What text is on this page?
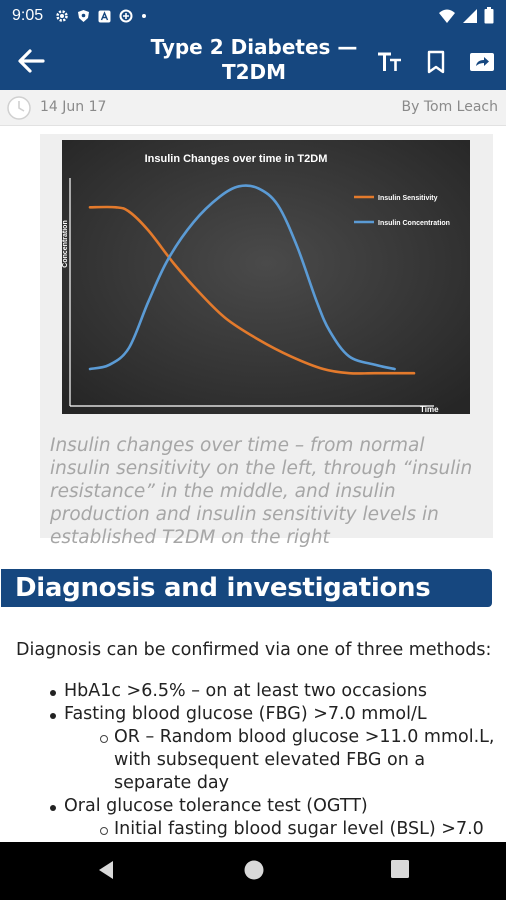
9:05
Type 2 Diabetes — T2DM
14 Jun 17	By Tom Leach
Insulin Changes over time in T2DM
Concentration
Time
Insulin Sensitivity
Insulin Concentration
Insulin changes over time – from normal insulin sensitivity on the left, through “insulin resistance” in the middle, and insulin production and insulin sensitivity levels in established T2DM on the right
Diagnosis and investigations
Diagnosis can be confirmed via one of three methods:
HbA1c >6.5% – on at least two occasions
Fasting blood glucose (FBG) >7.0 mmol/L
OR – Random blood glucose >11.0 mmol.L,
with subsequent elevated FBG on a
separate day
Oral glucose tolerance test (OGTT)
Initial fasting blood sugar level (BSL) >7.0
